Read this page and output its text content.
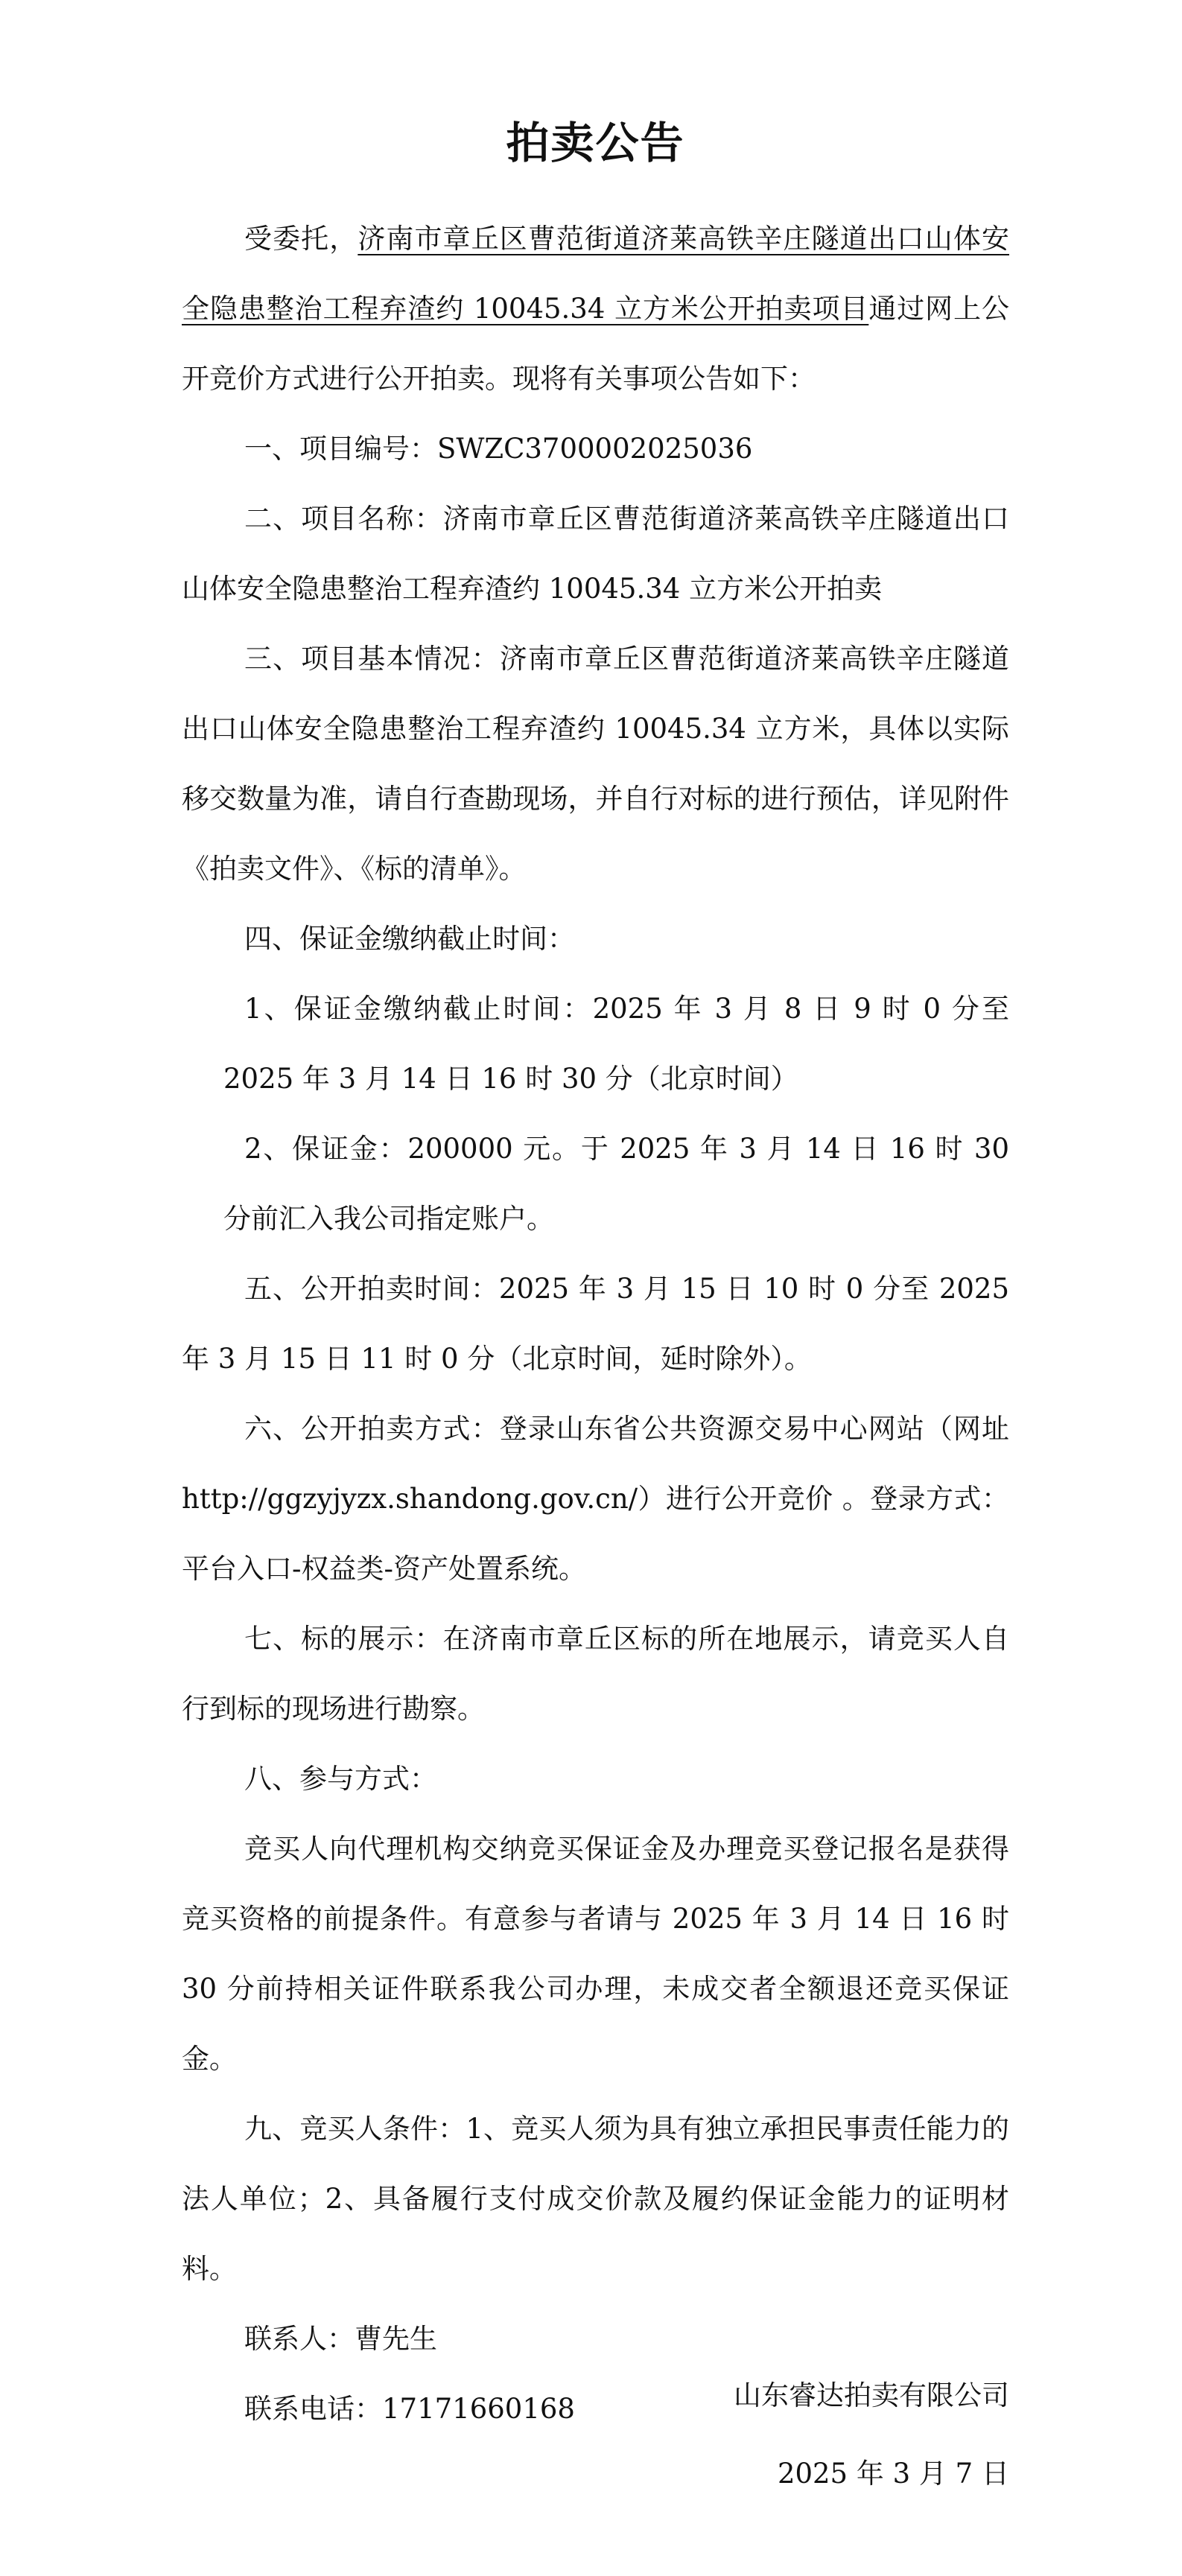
拍卖公告

受委托，济南市章丘区曹范街道济莱高铁辛庄隧道出口山体安全隐患整治工程弃渣约 10045.34 立方米公开拍卖项目通过网上公开竞价方式进行公开拍卖。现将有关事项公告如下：

一、项目编号：SWZC3700002025036

二、项目名称：济南市章丘区曹范街道济莱高铁辛庄隧道出口山体安全隐患整治工程弃渣约 10045.34 立方米公开拍卖

三、项目基本情况：济南市章丘区曹范街道济莱高铁辛庄隧道出口山体安全隐患整治工程弃渣约 10045.34 立方米，具体以实际移交数量为准，请自行查勘现场，并自行对标的进行预估，详见附件《拍卖文件》、《标的清单》。

四、保证金缴纳截止时间：

1、保证金缴纳截止时间：2025 年 3 月 8 日 9 时 0 分至 2025 年 3 月 14 日 16 时 30 分（北京时间）

2、保证金：200000 元。于 2025 年 3 月 14 日 16 时 30 分前汇入我公司指定账户。

五、公开拍卖时间：2025 年 3 月 15 日 10 时 0 分至 2025 年 3 月 15 日 11 时 0 分（北京时间，延时除外）。

六、公开拍卖方式：登录山东省公共资源交易中心网站（网址 http://ggzyjyzx.shandong.gov.cn/）进行公开竞价 。登录方式：平台入口-权益类-资产处置系统。

七、标的展示：在济南市章丘区标的所在地展示，请竞买人自行到标的现场进行勘察。

八、参与方式：

竞买人向代理机构交纳竞买保证金及办理竞买登记报名是获得竞买资格的前提条件。有意参与者请与 2025 年 3 月 14 日 16 时 30 分前持相关证件联系我公司办理，未成交者全额退还竞买保证金。

九、竞买人条件：1、竞买人须为具有独立承担民事责任能力的法人单位；2、具备履行支付成交价款及履约保证金能力的证明材料。

联系人：曹先生

联系电话：17171660168	山东睿达拍卖有限公司
2025 年 3 月 7 日
